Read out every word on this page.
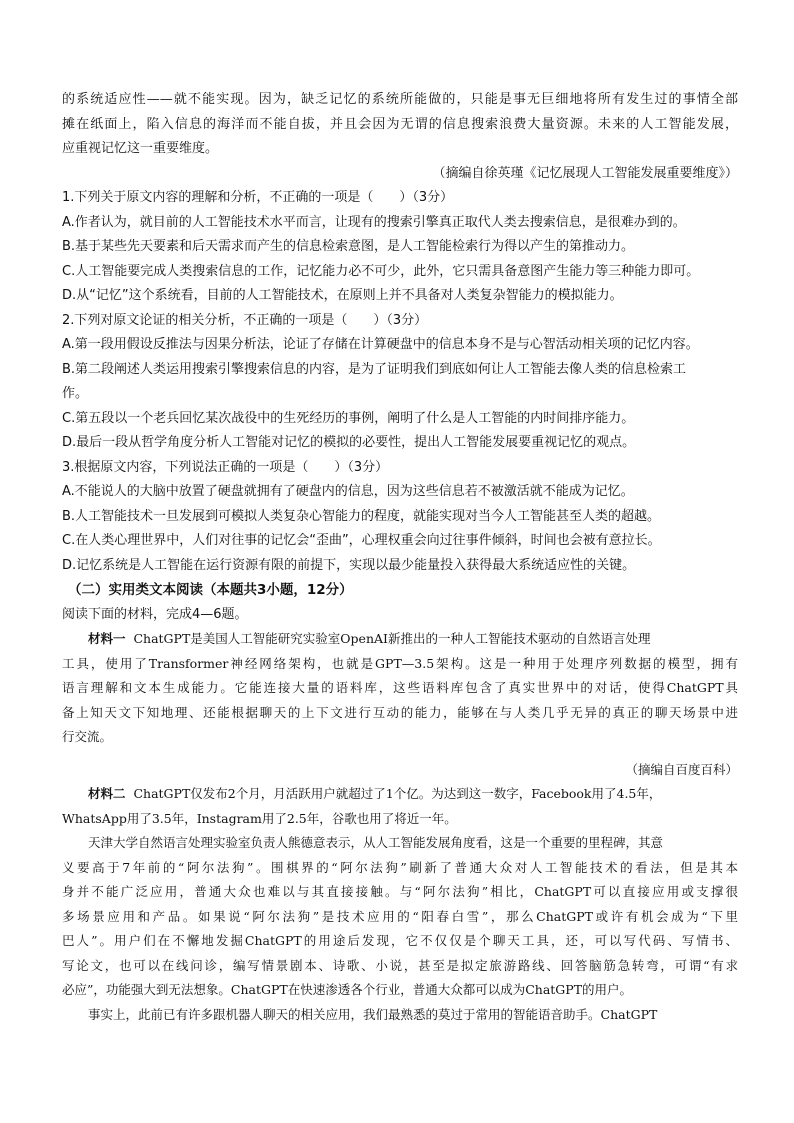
的系统适应性——就不能实现。因为，缺乏记忆的系统所能做的，只能是事无巨细地将所有发生过的事情全部
摊在纸面上，陷入信息的海洋而不能自拔，并且会因为无谓的信息搜索浪费大量资源。未来的人工智能发展，
应重视记忆这一重要维度。
（摘编自徐英瑾《记忆展现人工智能发展重要维度》）
1.下列关于原文内容的理解和分析，不正确的一项是（　　）（3分）
A.作者认为，就目前的人工智能技术水平而言，让现有的搜索引擎真正取代人类去搜索信息，是很难办到的。
B.基于某些先天要素和后天需求而产生的信息检索意图，是人工智能检索行为得以产生的第推动力。
C.人工智能要完成人类搜索信息的工作，记忆能力必不可少，此外，它只需具备意图产生能力等三种能力即可。
D.从“记忆”这个系统看，目前的人工智能技术，在原则上并不具备对人类复杂智能力的模拟能力。
2.下列对原文论证的相关分析，不正确的一项是（　　）（3分）
A.第一段用假设反推法与因果分析法，论证了存储在计算硬盘中的信息本身不是与心智活动相关项的记忆内容。
B.第二段阐述人类运用搜索引擎搜索信息的内容，是为了证明我们到底如何让人工智能去像人类的信息检索工
作。
C.第五段以一个老兵回忆某次战役中的生死经历的事例，阐明了什么是人工智能的内时间排序能力。
D.最后一段从哲学角度分析人工智能对记忆的模拟的必要性，提出人工智能发展要重视记忆的观点。
3.根据原文内容，下列说法正确的一项是（　　）（3分）
A.不能说人的大脑中放置了硬盘就拥有了硬盘内的信息，因为这些信息若不被激活就不能成为记忆。
B.人工智能技术一旦发展到可模拟人类复杂心智能力的程度，就能实现对当今人工智能甚至人类的超越。
C.在人类心理世界中，人们对往事的记忆会“歪曲”，心理权重会向过往事件倾斜，时间也会被有意拉长。
D.记忆系统是人工智能在运行资源有限的前提下，实现以最少能量投入获得最大系统适应性的关键。
（二）实用类文本阅读（本题共3小题，12分）
阅读下面的材料，完成4—6题。
材料一 ChatGPT是美国人工智能研究实验室OpenAI新推出的一种人工智能技术驱动的自然语言处理
工具，使用了Transformer神经网络架构，也就是GPT—3.5架构。这是一种用于处理序列数据的模型，拥有
语言理解和文本生成能力。它能连接大量的语料库，这些语料库包含了真实世界中的对话，使得ChatGPT具
备上知天文下知地理、还能根据聊天的上下文进行互动的能力，能够在与人类几乎无异的真正的聊天场景中进
行交流。
（摘编自百度百科）
材料二 ChatGPT仅发布2个月，月活跃用户就超过了1个亿。为达到这一数字，Facebook用了4.5年，
WhatsApp用了3.5年，Instagram用了2.5年，谷歌也用了将近一年。
天津大学自然语言处理实验室负责人熊德意表示，从人工智能发展角度看，这是一个重要的里程碑，其意
义要高于7年前的“阿尔法狗”。围棋界的“阿尔法狗”刷新了普通大众对人工智能技术的看法，但是其本
身并不能广泛应用，普通大众也难以与其直接接触。与“阿尔法狗”相比，ChatGPT可以直接应用或支撑很
多场景应用和产品。如果说“阿尔法狗”是技术应用的“阳春白雪”，那么ChatGPT或许有机会成为“下里
巴人”。用户们在不懈地发掘ChatGPT的用途后发现，它不仅仅是个聊天工具，还，可以写代码、写情书、
写论文，也可以在线问诊，编写情景剧本、诗歌、小说，甚至是拟定旅游路线、回答脑筋急转弯，可谓“有求
必应”，功能强大到无法想象。ChatGPT在快速渗透各个行业，普通大众都可以成为ChatGPT的用户。
事实上，此前已有许多跟机器人聊天的相关应用，我们最熟悉的莫过于常用的智能语音助手。ChatGPT
